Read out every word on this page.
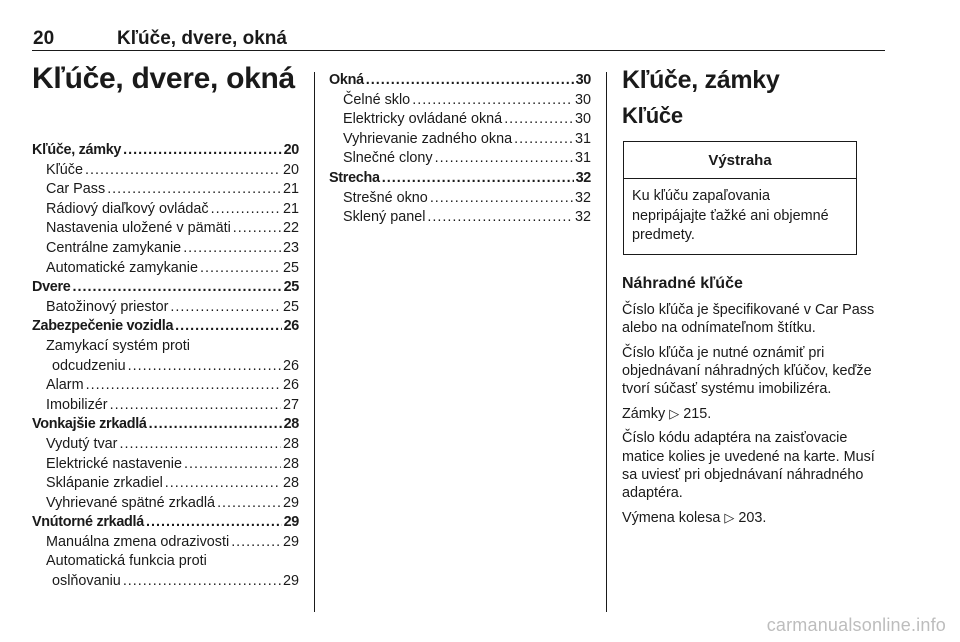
20	Kľúče, dvere, okná
Kľúče, dvere, okná
Kľúče, zámky .....	20
Kľúče .....	20
Car Pass .....	21
Rádiový diaľkový ovládač .....	21
Nastavenia uložené v pämäti .....	22
Centrálne zamykanie .....	23
Automatické zamykanie .....	25
Dvere .....	25
Batožinový priestor .....	25
Zabezpečenie vozidla .....	26
Zamykací systém proti
odcudzeniu .....	26
Alarm .....	26
Imobilizér .....	27
Vonkajšie zrkadlá .....	28
Vydutý tvar .....	28
Elektrické nastavenie .....	28
Sklápanie zrkadiel .....	28
Vyhrievané spätné zrkadlá .....	29
Vnútorné zrkadlá .....	29
Manuálna zmena odrazivosti .....	29
Automatická funkcia proti
oslňovaniu .....	29
Okná .....	30
Čelné sklo .....	30
Elektricky ovládané okná .....	30
Vyhrievanie zadného okna .....	31
Slnečné clony .....	31
Strecha .....	32
Strešné okno .....	32
Sklený panel .....	32
Kľúče, zámky
Kľúče
Výstraha
Ku kľúču zapaľovania nepripájajte ťažké ani objemné predmety.
Náhradné kľúče

Číslo kľúča je špecifikované v Car Pass alebo na odnímateľnom štítku.

Číslo kľúča je nutné oznámiť pri objednávaní náhradných kľúčov, keďže tvorí súčasť systému imobilizéra.

Zámky ▷ 215.

Číslo kódu adaptéra na zaisťovacie matice kolies je uvedené na karte. Musí sa uviesť pri objednávaní náhradného adaptéra.

Výmena kolesa ▷ 203.

carmanualsonline.info
